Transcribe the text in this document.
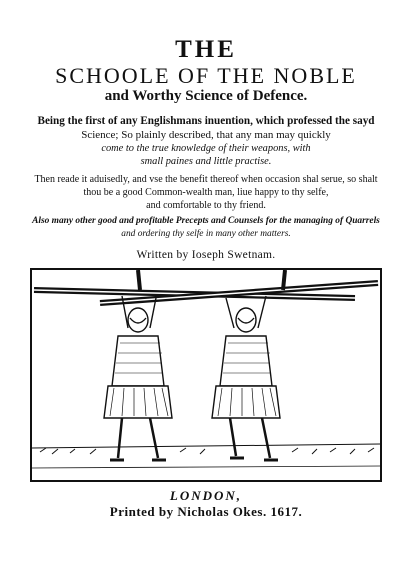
THE
SCHOOLE OF THE NOBLE
and Worthy Science of Defence.
Being the first of any Englishmans inuention, which professed the sayd
Science; So plainly described, that any man may quickly
come to the true knowledge of their weapons, with
small paines and little practise.
Then reade it aduisedly, and vse the benefit thereof when occasion shal serue, so shalt
thou be a good Common-wealth man, liue happy to thy selfe,
and comfortable to thy friend.
Also many other good and profitable Precepts and Counsels for the managing of Quarrels
and ordering thy selfe in many other matters.
Written by Ioseph Swetnam.
LONDON,
Printed by Nicholas Okes. 1617.
